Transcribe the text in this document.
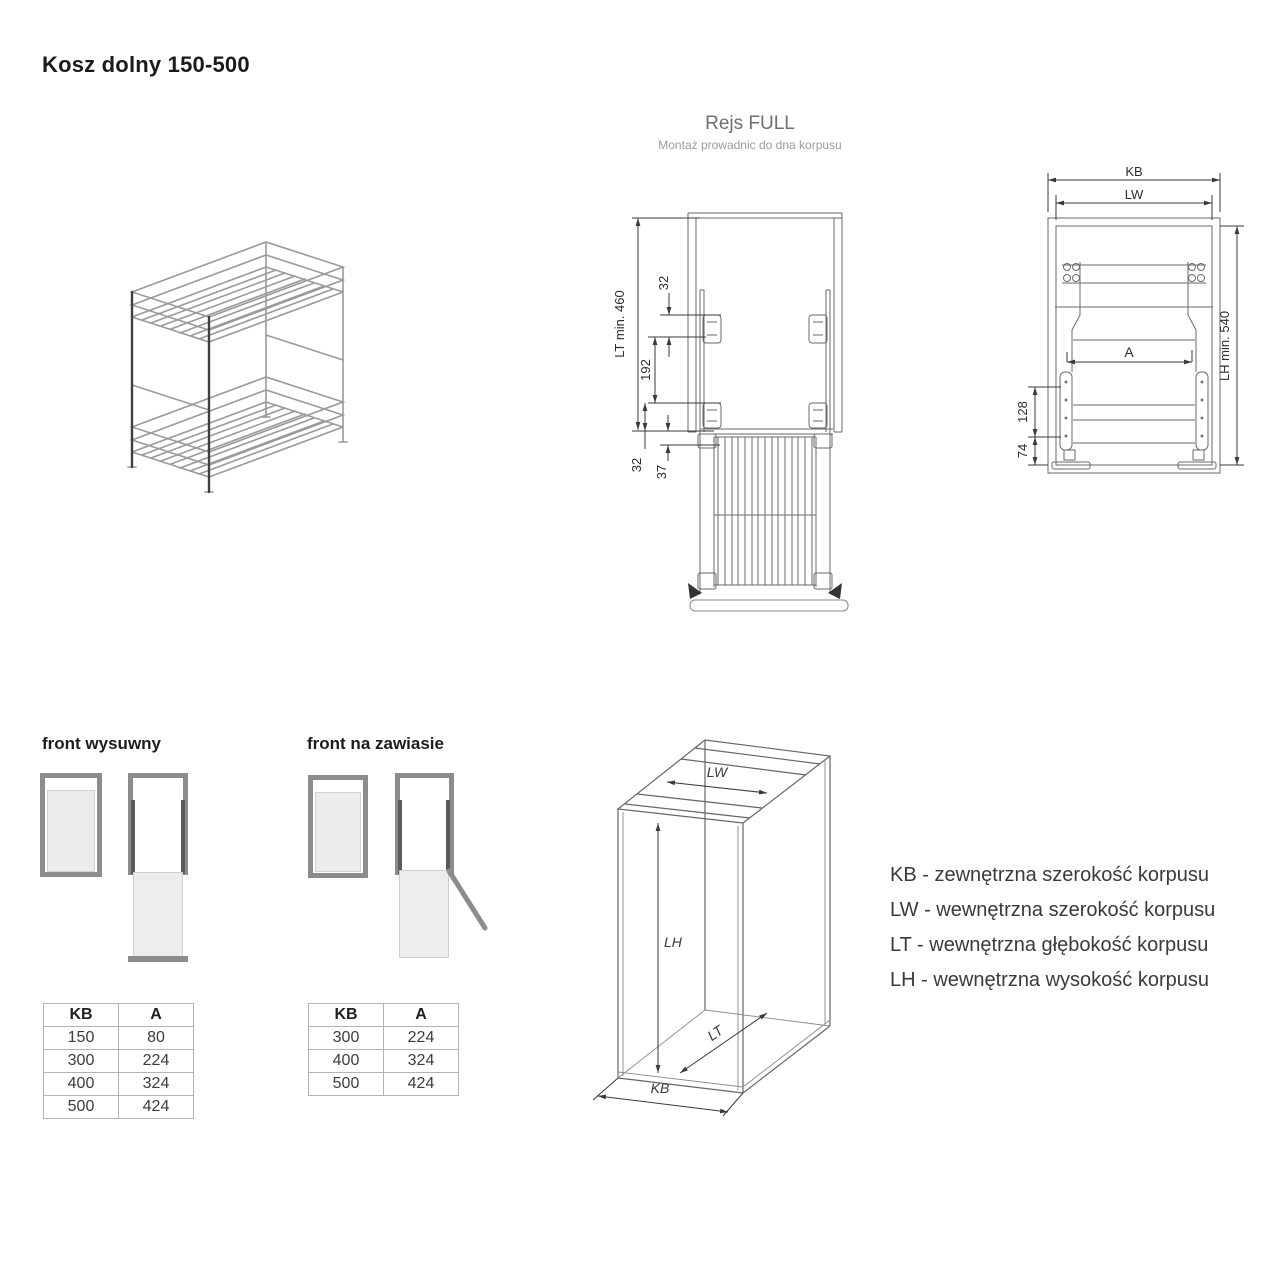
Kosz dolny 150-500
Rejs FULL
Montaż prowadnic do dna korpusu
LT min. 460
32
192
32 37
KB
LW
A	LH min. 540
128
74
front wysuwny
KB	A
150	80
300	224
400	324
500	424
front na zawiasie
KB	A
300	224
400	324
500	424
LW
LH
LT
KB
KB - zewnętrzna szerokość korpusu
LW - wewnętrzna szerokość korpusu
LT - wewnętrzna głębokość korpusu
LH - wewnętrzna wysokość korpusu
